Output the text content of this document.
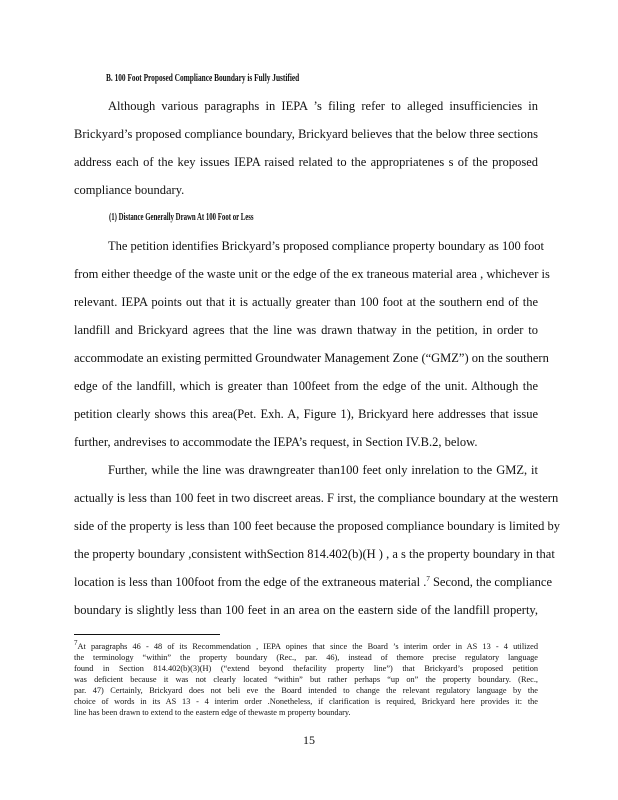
B. 100 Foot Proposed Compliance Boundary is Fully Justified
Although various paragraphs in IEPA ’s filing refer to alleged insufficiencies in
Brickyard’s proposed compliance boundary, Brickyard believes that the below three sections
address each of the key issues IEPA raised related to the appropriatenes s of the proposed
compliance boundary.
(1) Distance Generally Drawn At 100 Foot or Less
The petition identifies Brickyard’s proposed compliance property boundary as 100 foot
from either theedge of the waste unit or the edge of the ex traneous material area , whichever is
relevant. IEPA points out that it is actually greater than 100 foot at the southern end of the
landfill and Brickyard agrees that the line was drawn thatway in the petition, in order to
accommodate an existing permitted Groundwater Management Zone (“GMZ”) on the southern
edge of the landfill, which is greater than 100feet from the edge of the unit. Although the
petition clearly shows this area(Pet. Exh. A, Figure 1), Brickyard here addresses that issue
further, andrevises to accommodate the IEPA’s request, in Section IV.B.2, below.
Further, while the line was drawngreater than100 feet only inrelation to the GMZ, it
actually is less than 100 feet in two discreet areas. F irst, the compliance boundary at the western
side of the property is less than 100 feet because the proposed compliance boundary is limited by
the property boundary ,consistent withSection 814.402(b)(H ) , a s the property boundary in that
location is less than 100foot from the edge of the extraneous material .$^7$ Second, the compliance
boundary is slightly less than 100 feet in an area on the eastern side of the landfill property,
$^7$At paragraphs 46 - 48 of its Recommendation , IEPA opines that since the Board ’s interim order in AS 13 - 4 utilized
the terminology “within” the property boundary (Rec., par. 46), instead of themore precise regulatory language
found in Section 814.402(b)(3)(H) (“extend beyond thefacility property line”) that Brickyard’s proposed petition
was deficient because it was not clearly located “within” but rather perhaps “up on” the property boundary. (Rec.,
par. 47) Certainly, Brickyard does not beli eve the Board intended to change the relevant regulatory language by the
choice of words in its AS 13 - 4 interim order .Nonetheless, if clarification is required, Brickyard here provides it: the
line has been drawn to extend to the eastern edge of thewaste m property boundary.
15
